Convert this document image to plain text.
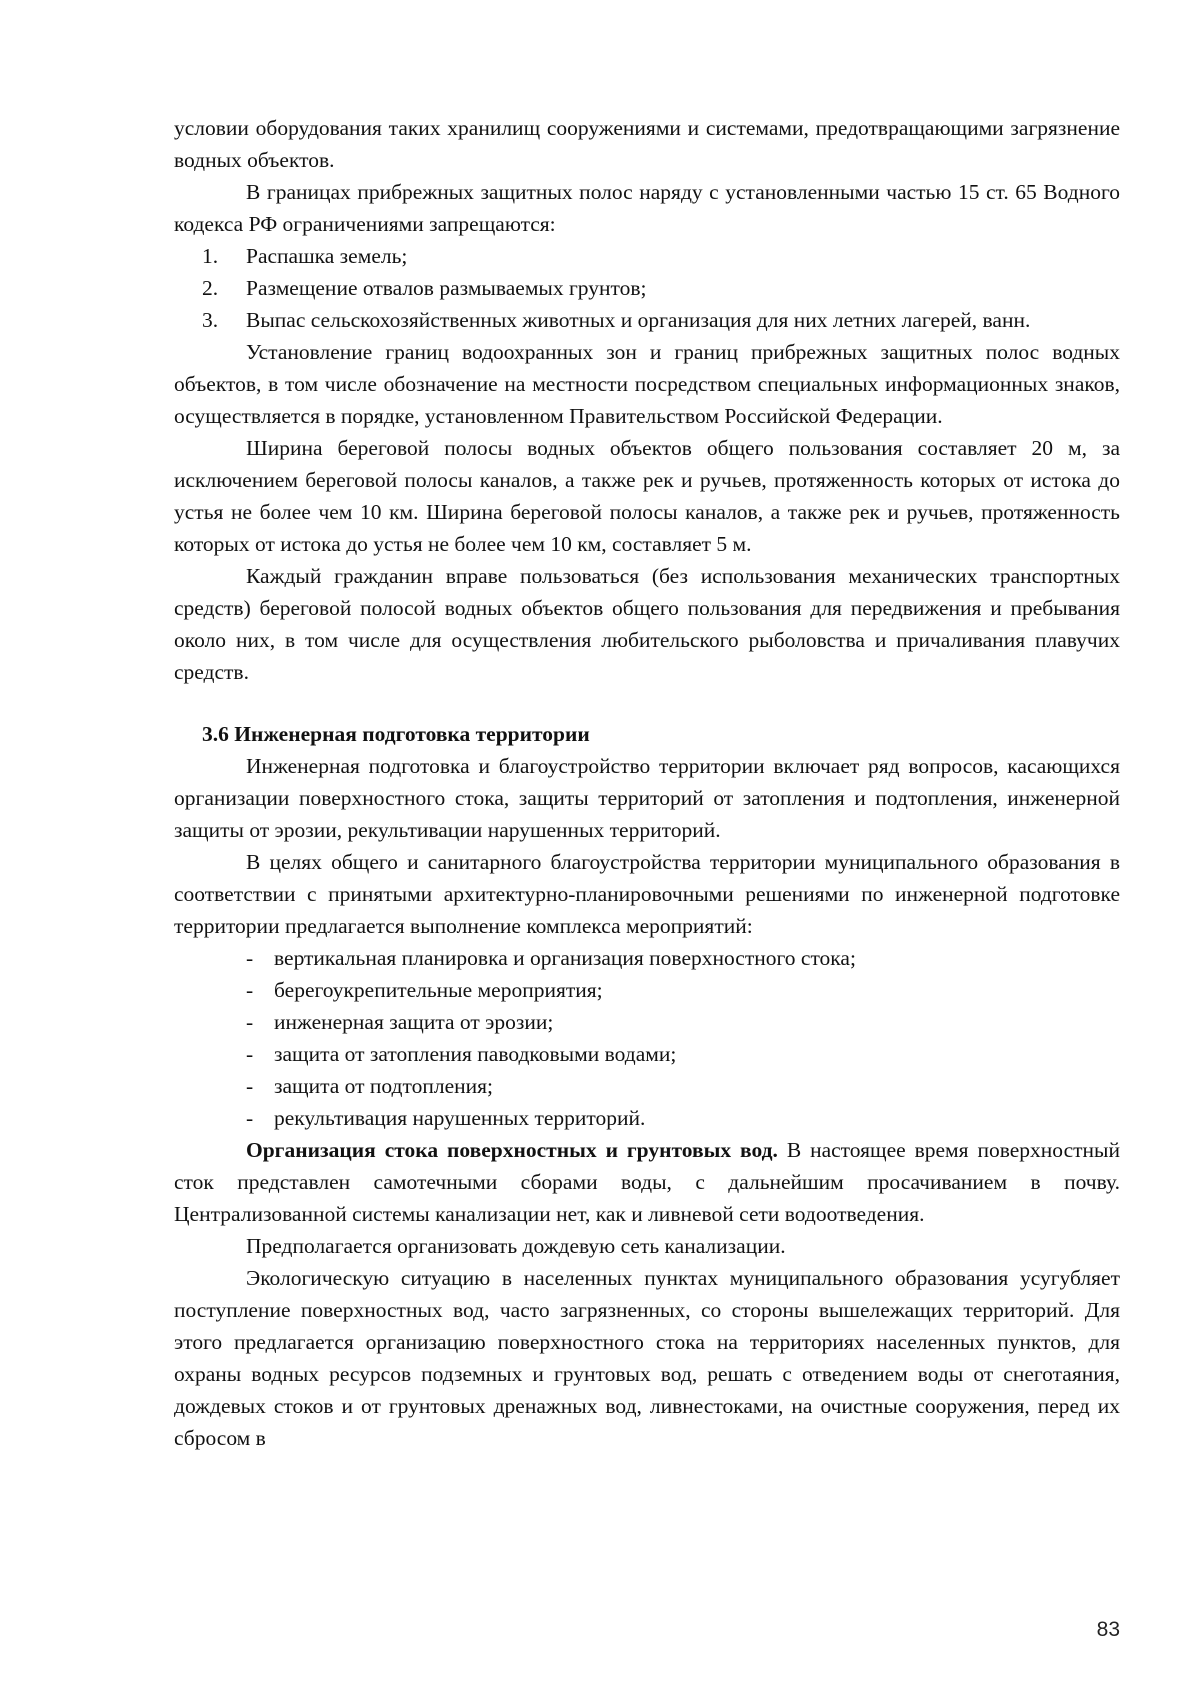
условии оборудования таких хранилищ сооружениями и системами, предотвращающими загрязнение водных объектов.

В границах прибрежных защитных полос наряду с установленными частью 15 ст. 65 Водного кодекса РФ ограничениями запрещаются:

1. Распашка земель;
2. Размещение отвалов размываемых грунтов;
3. Выпас сельскохозяйственных животных и организация для них летних лагерей, ванн.

Установление границ водоохранных зон и границ прибрежных защитных полос водных объектов, в том числе обозначение на местности посредством специальных информационных знаков, осуществляется в порядке, установленном Правительством Российской Федерации.

Ширина береговой полосы водных объектов общего пользования составляет 20 м, за исключением береговой полосы каналов, а также рек и ручьев, протяженность которых от истока до устья не более чем 10 км. Ширина береговой полосы каналов, а также рек и ручьев, протяженность которых от истока до устья не более чем 10 км, составляет 5 м.

Каждый гражданин вправе пользоваться (без использования механических транспортных средств) береговой полосой водных объектов общего пользования для передвижения и пребывания около них, в том числе для осуществления любительского рыболовства и причаливания плавучих средств.

3.6 Инженерная подготовка территории

Инженерная подготовка и благоустройство территории включает ряд вопросов, касающихся организации поверхностного стока, защиты территорий от затопления и подтопления, инженерной защиты от эрозии, рекультивации нарушенных территорий.

В целях общего и санитарного благоустройства территории муниципального образования в соответствии с принятыми архитектурно-планировочными решениями по инженерной подготовке территории предлагается выполнение комплекса мероприятий:

- вертикальная планировка и организация поверхностного стока;
- берегоукрепительные мероприятия;
- инженерная защита от эрозии;
- защита от затопления паводковыми водами;
- защита от подтопления;
- рекультивация нарушенных территорий.

Организация стока поверхностных и грунтовых вод. В настоящее время поверхностный сток представлен самотечными сборами воды, с дальнейшим просачиванием в почву. Централизованной системы канализации нет, как и ливневой сети водоотведения.

Предполагается организовать дождевую сеть канализации.

Экологическую ситуацию в населенных пунктах муниципального образования усугубляет поступление поверхностных вод, часто загрязненных, со стороны вышележащих территорий. Для этого предлагается организацию поверхностного стока на территориях населенных пунктов, для охраны водных ресурсов подземных и грунтовых вод, решать с отведением воды от снеготаяния, дождевых стоков и от грунтовых дренажных вод, ливнестоками, на очистные сооружения, перед их сбросом в

83
